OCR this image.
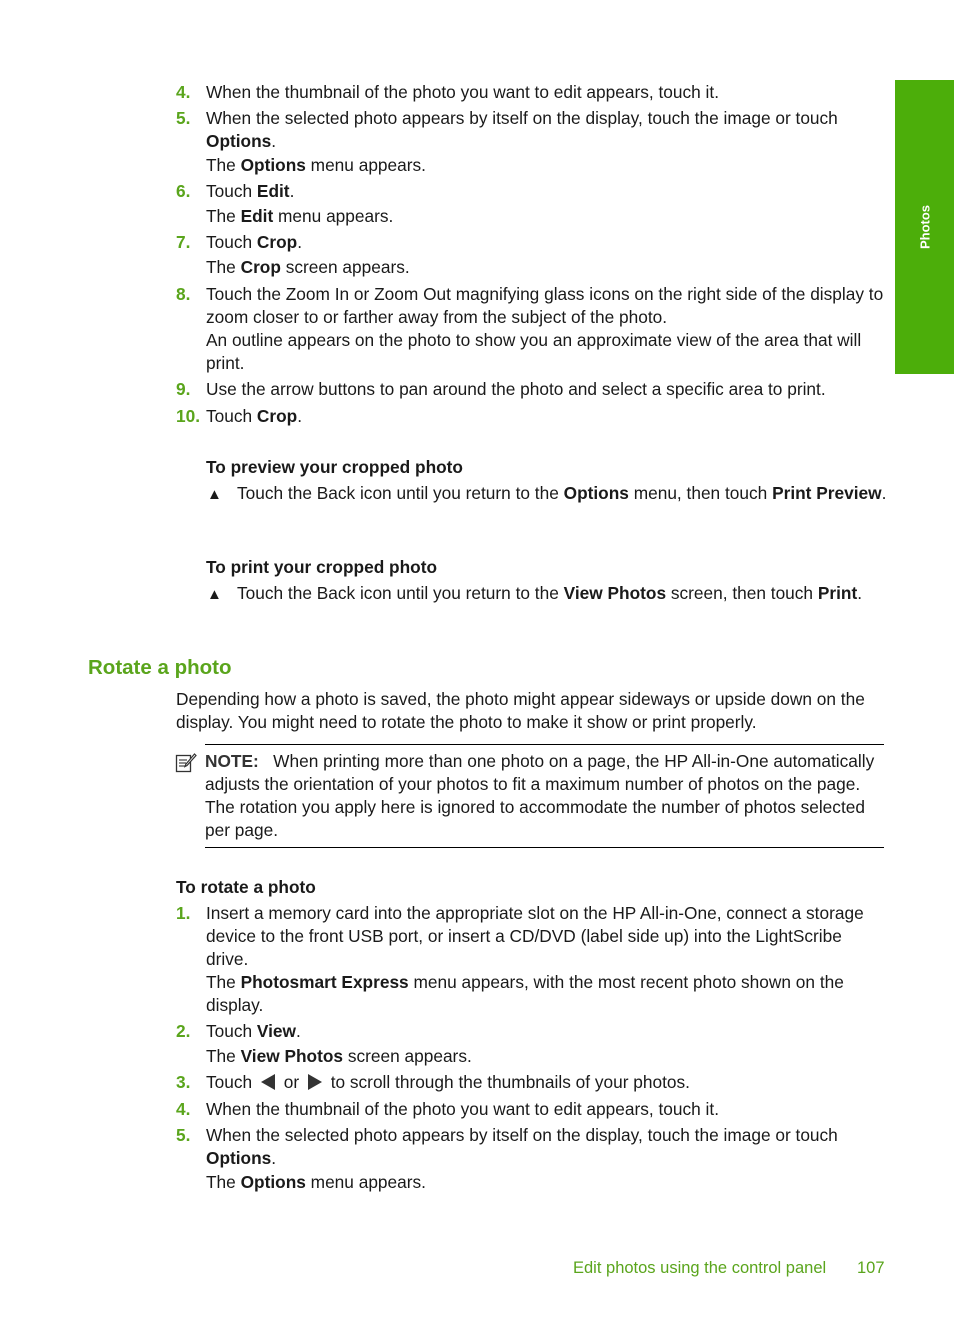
Photos
4. When the thumbnail of the photo you want to edit appears, touch it.
5. When the selected photo appears by itself on the display, touch the image or touch Options.
The Options menu appears.
6. Touch Edit.
The Edit menu appears.
7. Touch Crop.
The Crop screen appears.
8. Touch the Zoom In or Zoom Out magnifying glass icons on the right side of the display to zoom closer to or farther away from the subject of the photo.
An outline appears on the photo to show you an approximate view of the area that will print.
9. Use the arrow buttons to pan around the photo and select a specific area to print.
10. Touch Crop.
To preview your cropped photo
▲ Touch the Back icon until you return to the Options menu, then touch Print Preview.
To print your cropped photo
▲ Touch the Back icon until you return to the View Photos screen, then touch Print.
Rotate a photo
Depending how a photo is saved, the photo might appear sideways or upside down on the display. You might need to rotate the photo to make it show or print properly.
NOTE: When printing more than one photo on a page, the HP All-in-One automatically adjusts the orientation of your photos to fit a maximum number of photos on the page. The rotation you apply here is ignored to accommodate the number of photos selected per page.
To rotate a photo
1. Insert a memory card into the appropriate slot on the HP All-in-One, connect a storage device to the front USB port, or insert a CD/DVD (label side up) into the LightScribe drive.
The Photosmart Express menu appears, with the most recent photo shown on the display.
2. Touch View.
The View Photos screen appears.
3. Touch  or  to scroll through the thumbnails of your photos.
4. When the thumbnail of the photo you want to edit appears, touch it.
5. When the selected photo appears by itself on the display, touch the image or touch Options.
The Options menu appears.
Edit photos using the control panel 107
